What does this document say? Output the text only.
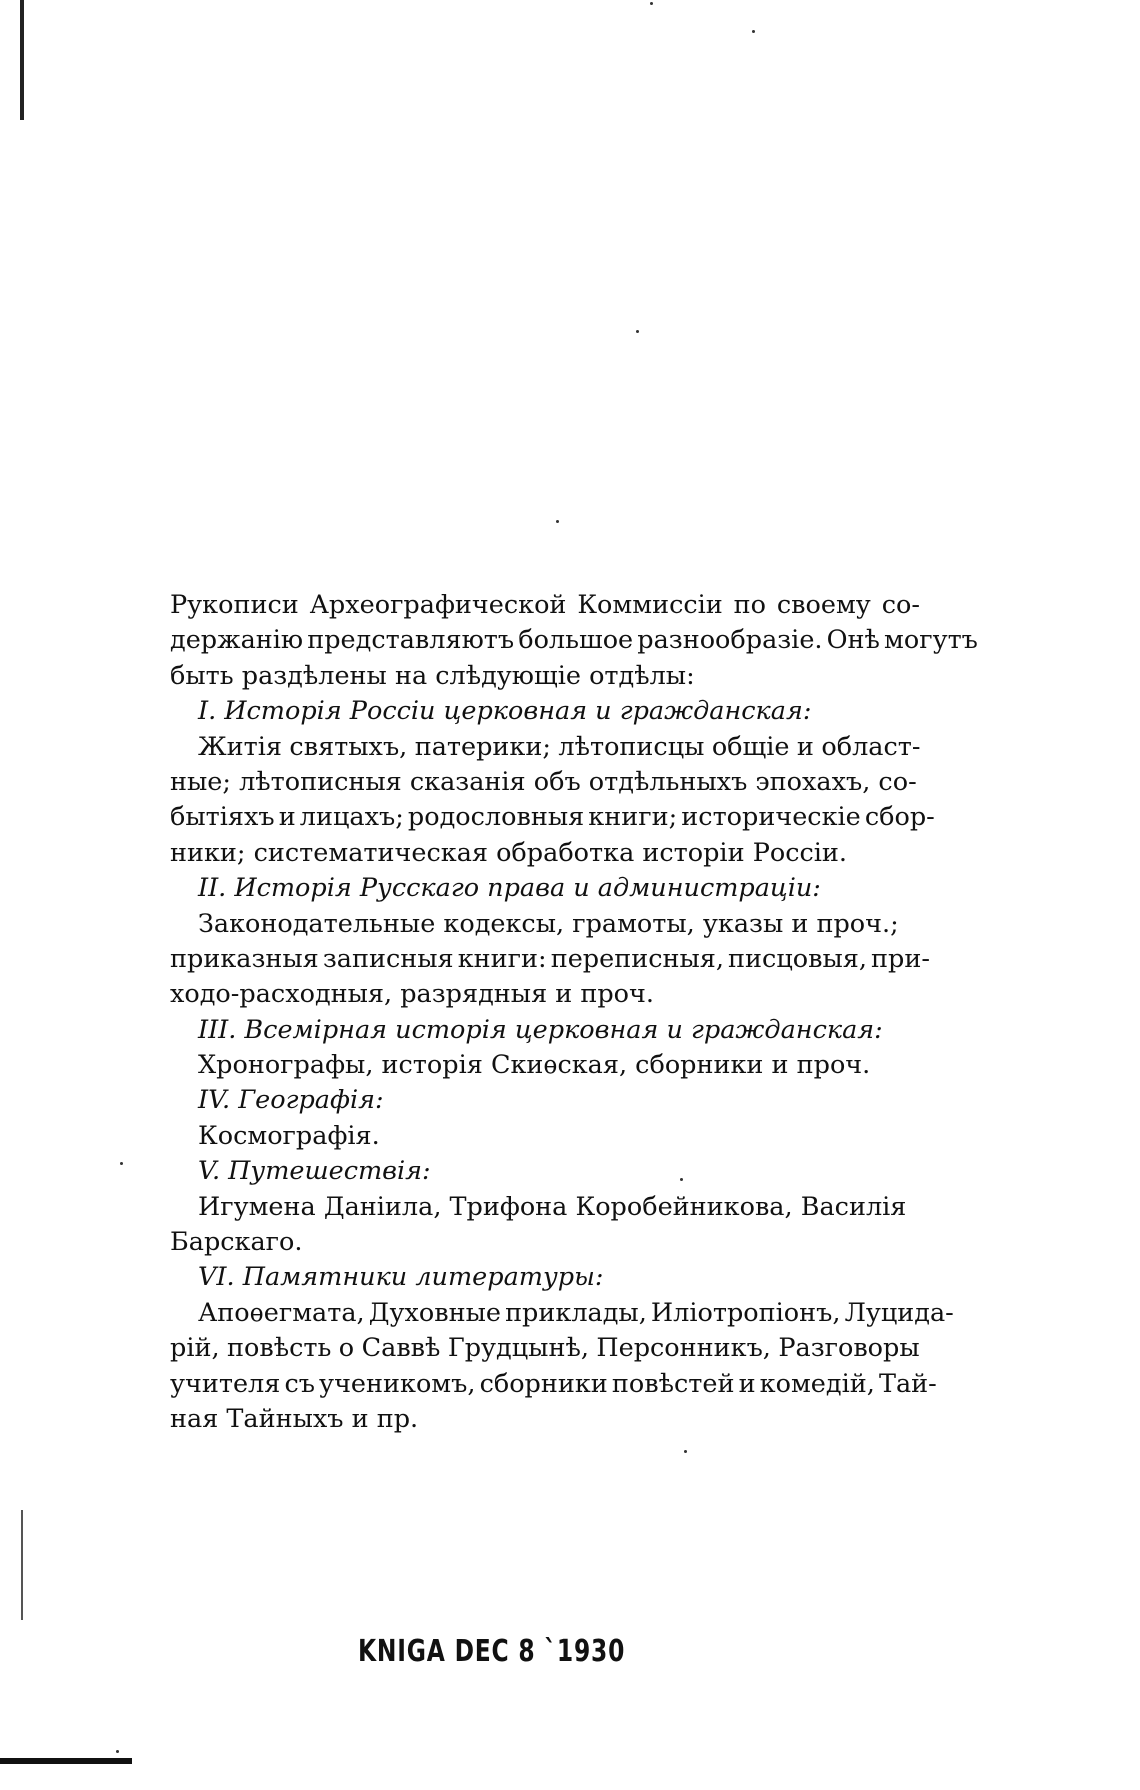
Рукописи Археографической Коммиссіи по своему со-
держанію представляютъ большое разнообразіе. Онѣ могутъ
быть раздѣлены на слѣдующіе отдѣлы:
I. Исторія Россіи церковная и гражданская:
Житія святыхъ, патерики; лѣтописцы общіе и област-
ные; лѣтописныя сказанія объ отдѣльныхъ эпохахъ, со-
бытіяхъ и лицахъ; родословныя книги; историческіе сбор-
ники; систематическая обработка исторіи Россіи.
II. Исторія Русскаго права и администраціи:
Законодательные кодексы, грамоты, указы и проч.;
приказныя записныя книги: переписныя, писцовыя, при-
ходо-расходныя, разрядныя и проч.
III. Всемірная исторія церковная и гражданская:
Хронографы, исторія Скиѳская, сборники и проч.
IV. Географія:
Космографія.
V. Путешествія:
Игумена Даніила, Трифона Коробейникова, Василія
Барскаго.
VI. Памятники литературы:
Апоѳегмата, Духовные приклады, Иліотропіонъ, Луцида-
рій, повѣсть о Саввѣ Грудцынѣ, Персонникъ, Разговоры
учителя съ ученикомъ, сборники повѣстей и комедій, Тай-
ная Тайныхъ и пр.
KNIGA DEC 8 `1930
